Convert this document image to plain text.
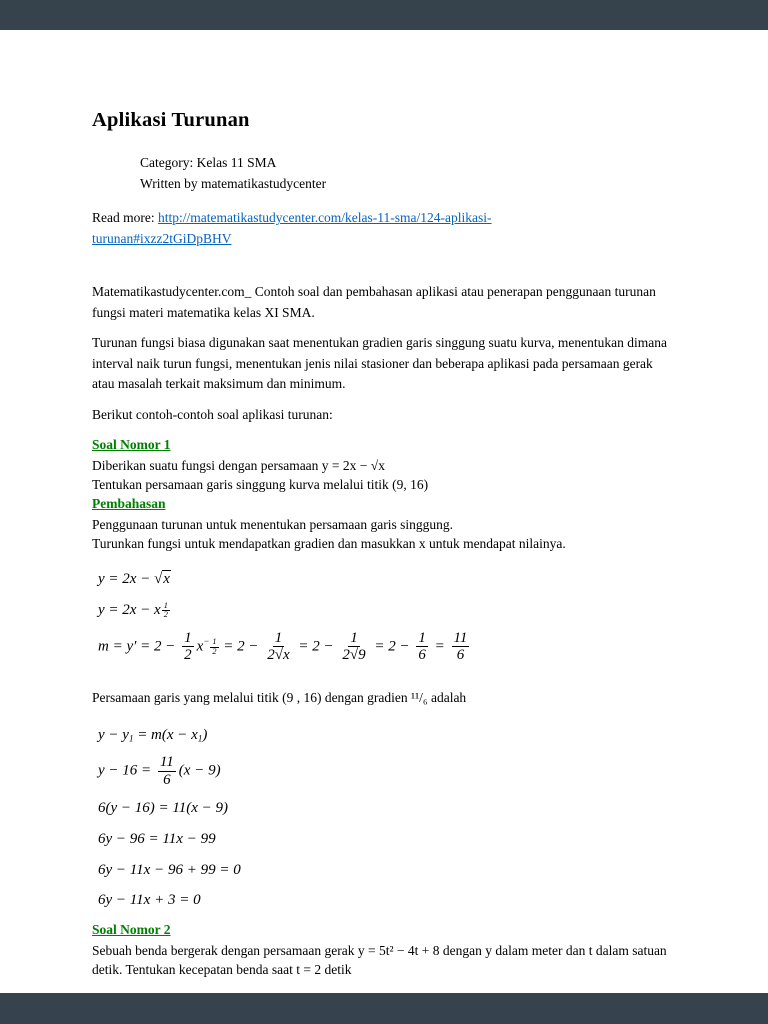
Aplikasi Turunan
Category: Kelas 11 SMA
Written by matematikastudycenter

Read more: http://matematikastudycenter.com/kelas-11-sma/124-aplikasi-turunan#ixzz2tGiDpBHV

Matematikastudycenter.com_ Contoh soal dan pembahasan aplikasi atau penerapan penggunaan turunan fungsi materi matematika kelas XI SMA.

Turunan fungsi biasa digunakan saat menentukan gradien garis singgung suatu kurva, menentukan dimana interval naik turun fungsi, menentukan jenis nilai stasioner dan beberapa aplikasi pada persamaan gerak atau masalah terkait maksimum dan minimum.

Berikut contoh-contoh soal aplikasi turunan:

Soal Nomor 1
Diberikan suatu fungsi dengan persamaan y = 2x − √x
Tentukan persamaan garis singgung kurva melalui titik (9, 16)
Pembahasan
Penggunaan turunan untuk menentukan persamaan garis singgung.
Turunkan fungsi untuk mendapatkan gradien dan masukkan x untuk mendapat nilainya.
y = 2x − √x
y = 2x − x $\frac{1}{2}$
$m = y' = 2 - \frac{1}{2} x^- \frac{1}{2} = 2 - \frac{1}{2√x} = 2 - \frac{1}{2√9} = 2 - \frac{1}{6} = \frac{11}{6}$

Persamaan garis yang melalui titik (9 , 16) dengan gradien ¹¹/₆ adalah

$y - y_1 = m(x - x_1)$
$y - 16 = \frac{11}{6} (x - 9)$
6(y − 16) = 11(x − 9)
6y − 96 = 11x − 99
6y − 11x − 96 + 99 = 0
6y − 11x + 3 = 0
Soal Nomor 2
Sebuah benda bergerak dengan persamaan gerak y = 5t² − 4t + 8 dengan y dalam meter dan t dalam satuan detik. Tentukan kecepatan benda saat t = 2 detik
